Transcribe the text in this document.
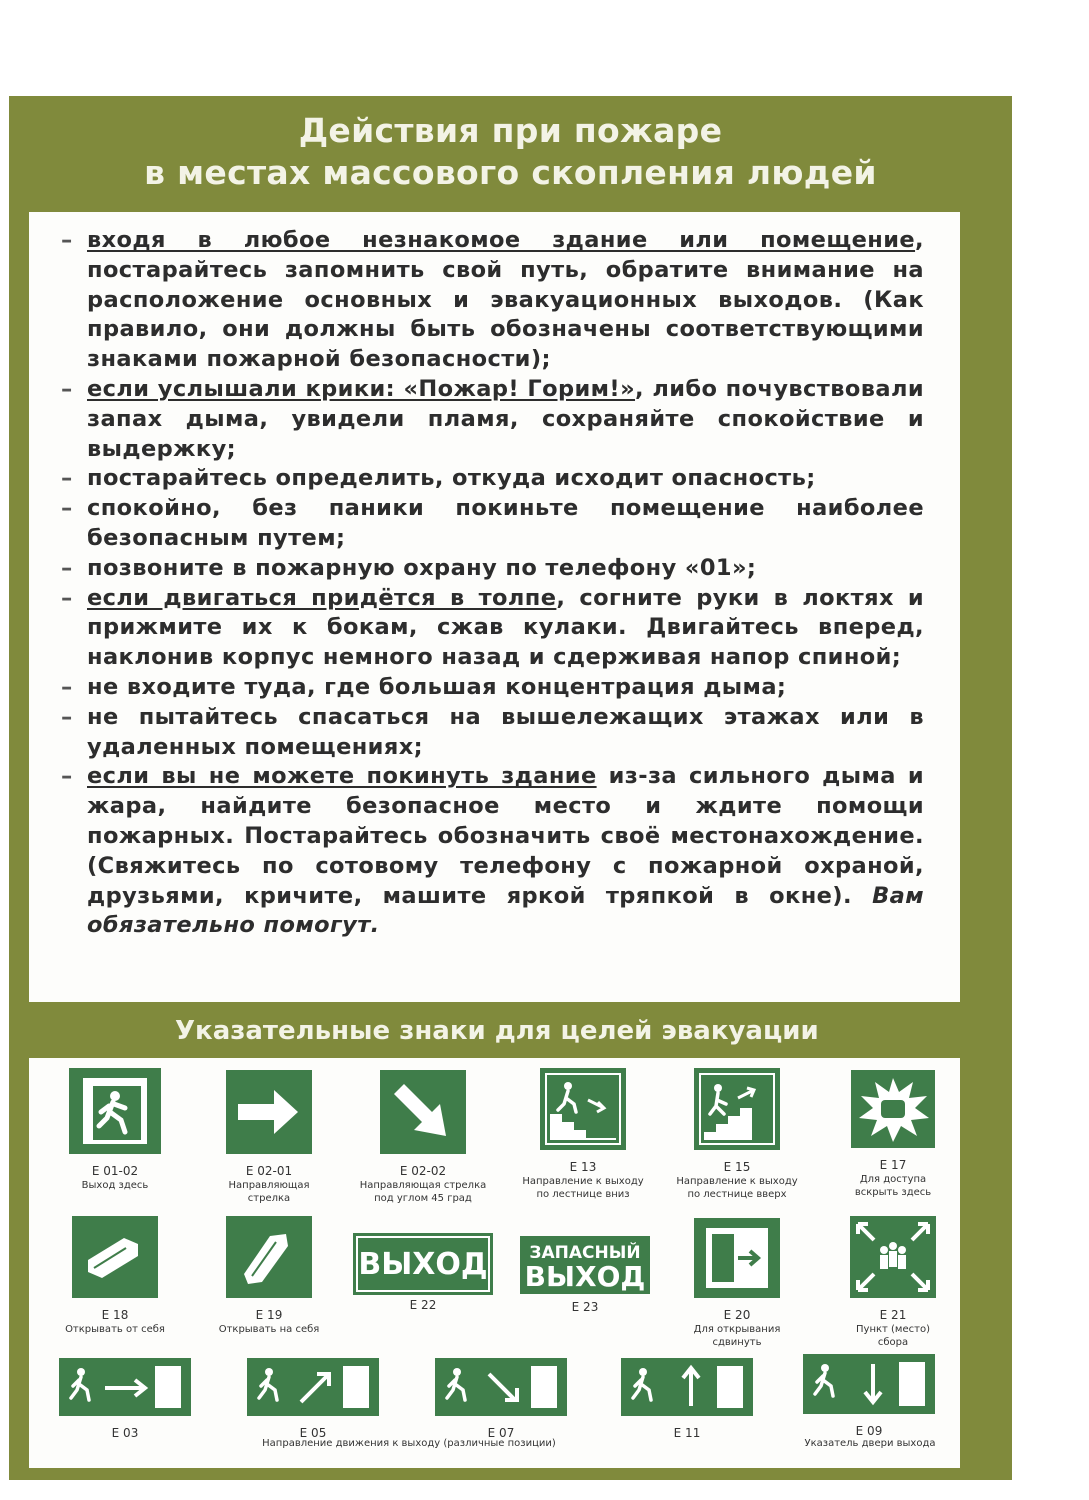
Действия при пожаре
в местах массового скопления людей
– входя в любое незнакомое здание или помещение, постарайтесь запомнить свой путь, обратите внимание на расположение основных и эвакуационных выходов. (Как правило, они должны быть обозначены соответствующими знаками пожарной безопасности);
– если услышали крики: «Пожар! Горим!», либо почувствовали запах дыма, увидели пламя, сохраняйте спокойствие и выдержку;
– постарайтесь определить, откуда исходит опасность;
– спокойно, без паники покиньте помещение наиболее безопасным путем;
– позвоните в пожарную охрану по телефону «01»;
– если двигаться придётся в толпе, согните руки в локтях и прижмите их к бокам, сжав кулаки. Двигайтесь вперед, наклонив корпус немного назад и сдерживая напор спиной;
– не входите туда, где большая концентрация дыма;
– не пытайтесь спасаться на вышележащих этажах или в удаленных помещениях;
– если вы не можете покинуть здание из-за сильного дыма и жара, найдите безопасное место и ждите помощи пожарных. Постарайтесь обозначить своё местонахождение. (Свяжитесь по сотовому телефону с пожарной охраной, друзьями, кричите, машите яркой тряпкой в окне). Вам обязательно помогут.
Указательные знаки для целей эвакуации
E 01-02
Выход здесь
E 02-01
Направляющая
стрелка
E 02-02
Направляющая стрелка
под углом 45 град
E 13
Направление к выходу
по лестнице вниз
E 15
Направление к выходу
по лестнице вверх
E 17
Для доступа
вскрыть здесь
E 18
Открывать от себя
E 19
Открывать на себя
ВЫХОД
E 22
ЗАПАСНЫЙ
ВЫХОД
E 23
E 20
Для открывания
сдвинуть
E 21
Пункт (место)
сбора
E 03	E 05	E 07	E 11	E 09
Направление движения к выходу (различные позиции)	Указатель двери выхода
